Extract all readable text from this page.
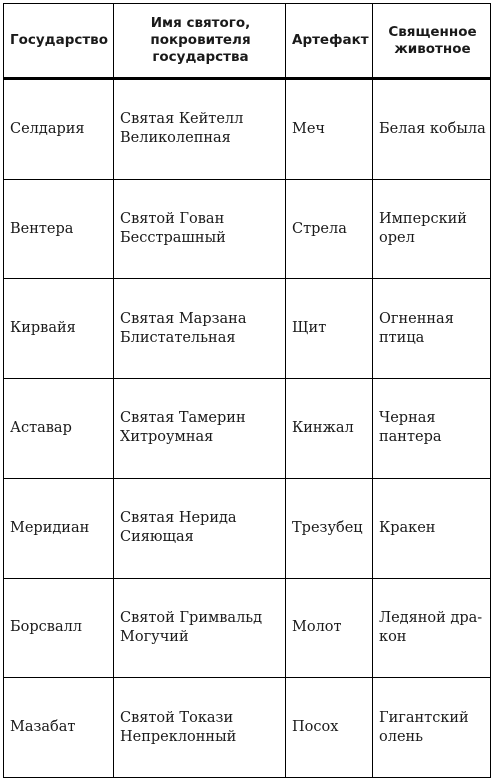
Государство	Имя святого, покровителя государства	Артефакт	Священное животное
Селдария	Святая Кейтелл Великолепная	Меч	Белая кобыла
Вентера	Святой Гован Бесстрашный	Стрела	Имперский орел
Кирвайя	Святая Марзана Блистательная	Щит	Огненная птица
Аставар	Святая Тамерин Хитроумная	Кинжал	Черная пантера
Меридиан	Святая Нерида Сияющая	Трезубец	Кракен
Борсвалл	Святой Гримвальд Могучий	Молот	Ледяной дра-кон
Мазабат	Святой Токази Непреклонный	Посох	Гигантский олень
